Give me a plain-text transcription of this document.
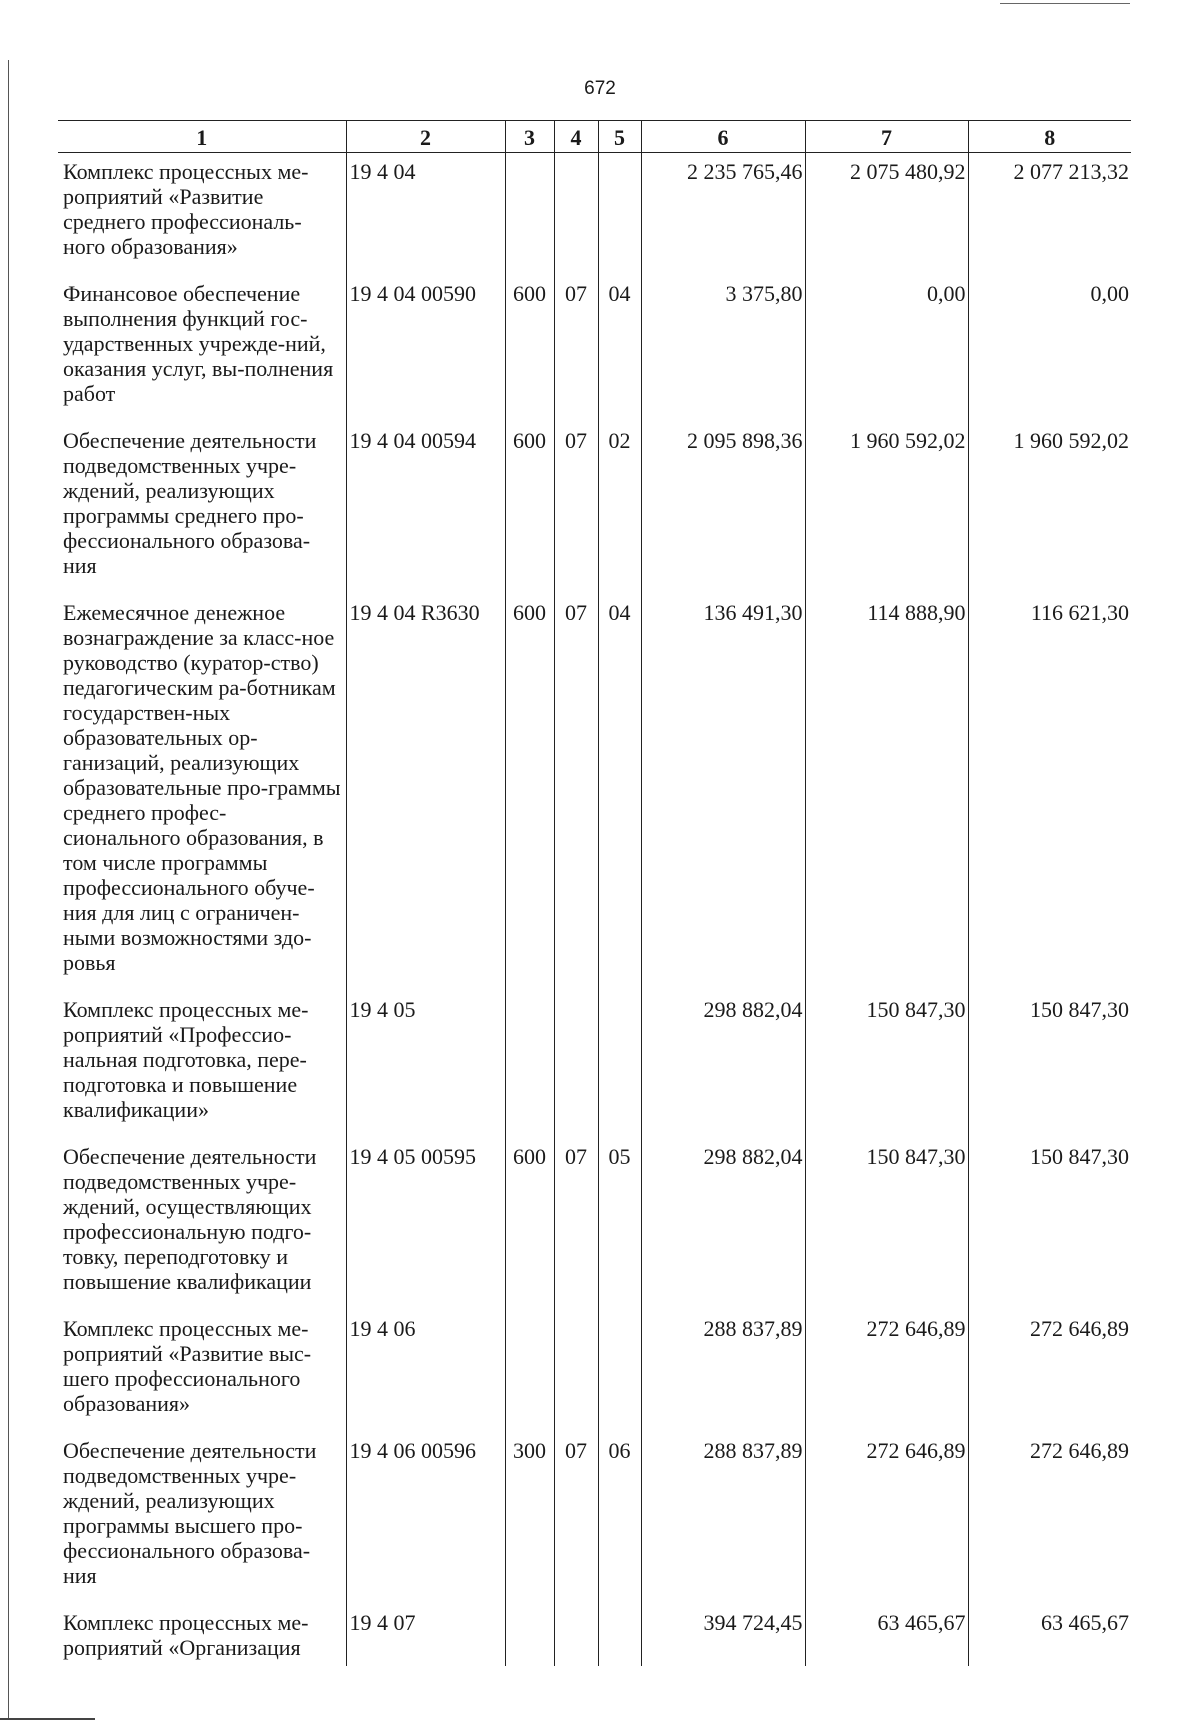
672
1	2	3	4	5	6	7	8
Комплекс процессных ме-роприятий «Развитие среднего профессиональ-ного образования»	19 4 04				2 235 765,46	2 075 480,92	2 077 213,32
Финансовое обеспечение выполнения функций гос-ударственных учрежде-ний, оказания услуг, вы-полнения работ	19 4 04 00590	600	07	04	3 375,80	0,00	0,00
Обеспечение деятельности подведомственных учре-ждений, реализующих программы среднего про-фессионального образова-ния	19 4 04 00594	600	07	02	2 095 898,36	1 960 592,02	1 960 592,02
Ежемесячное денежное вознаграждение за класс-ное руководство (куратор-ство) педагогическим ра-ботникам государствен-ных образовательных ор-ганизаций, реализующих образовательные про-граммы среднего профес-сионального образования, в том числе программы профессионального обуче-ния для лиц с ограничен-ными возможностями здо-ровья	19 4 04 R3630	600	07	04	136 491,30	114 888,90	116 621,30
Комплекс процессных ме-роприятий «Профессио-нальная подготовка, пере-подготовка и повышение квалификации»	19 4 05				298 882,04	150 847,30	150 847,30
Обеспечение деятельности подведомственных учре-ждений, осуществляющих профессиональную подго-товку, переподготовку и повышение квалификации	19 4 05 00595	600	07	05	298 882,04	150 847,30	150 847,30
Комплекс процессных ме-роприятий «Развитие выс-шего профессионального образования»	19 4 06				288 837,89	272 646,89	272 646,89
Обеспечение деятельности подведомственных учре-ждений, реализующих программы высшего про-фессионального образова-ния	19 4 06 00596	300	07	06	288 837,89	272 646,89	272 646,89
Комплекс процессных ме-роприятий «Организация	19 4 07				394 724,45	63 465,67	63 465,67
